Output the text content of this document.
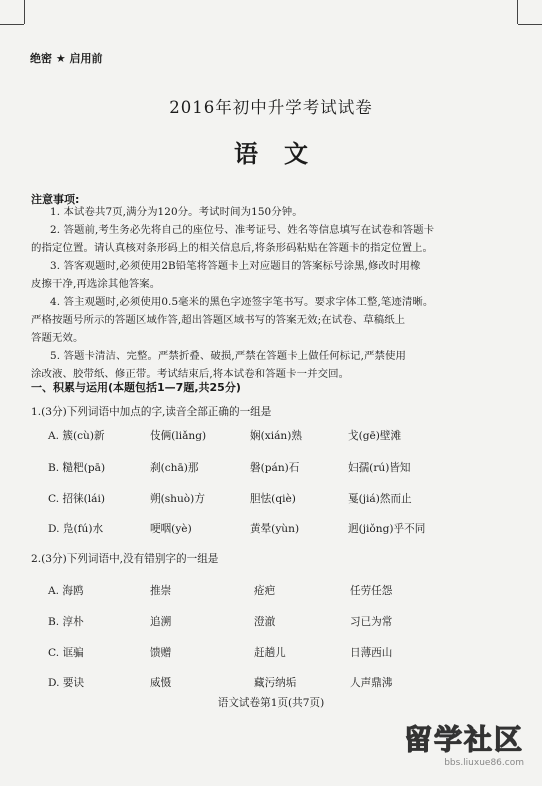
绝密 ★ 启用前
2016年初中升学考试试卷
语文
注意事项:
1. 本试卷共7页,满分为120分。考试时间为150分钟。
2. 答题前,考生务必先将自己的座位号、准考证号、姓名等信息填写在试卷和答题卡
的指定位置。请认真核对条形码上的相关信息后,将条形码粘贴在答题卡的指定位置上。
3. 答客观题时,必须使用2B铅笔将答题卡上对应题目的答案标号涂黑,修改时用橡
皮擦干净,再选涂其他答案。
4. 答主观题时,必须使用0.5毫米的黑色字迹签字笔书写。要求字体工整,笔迹清晰。
严格按题号所示的答题区域作答,超出答题区域书写的答案无效;在试卷、草稿纸上
答题无效。
5. 答题卡清洁、完整。严禁折叠、破损,严禁在答题卡上做任何标记,严禁使用
涂改液、胶带纸、修正带。考试结束后,将本试卷和答题卡一并交回。
一、积累与运用(本题包括1—7题,共25分)
1.(3分)下列词语中加点的字,读音全部正确的一组是
A. 簇(cù)新	伎俩(liǎng)	娴(xián)熟	戈(gē)壁滩
B. 糙粑(pā)	刹(chā)那	磐(pán)石	妇孺(rú)皆知
C. 招徕(lái)	朔(shuò)方	胆怯(qiè)	戛(jiá)然而止
D. 凫(fú)水	哽咽(yè)	黄晕(yùn)	迥(jiǒng)乎不同
2.(3分)下列词语中,没有错别字的一组是
A. 海鸥	推崇	疮疤	任劳任怨
B. 淳朴	追溯	澄澈	习已为常
C. 诓骗	馈赠	赶趟儿	日薄西山
D. 要诀	威慑	藏污纳垢	人声鼎沸
语文试卷第1页(共7页)
留学社区
bbs.liuxue86.com
